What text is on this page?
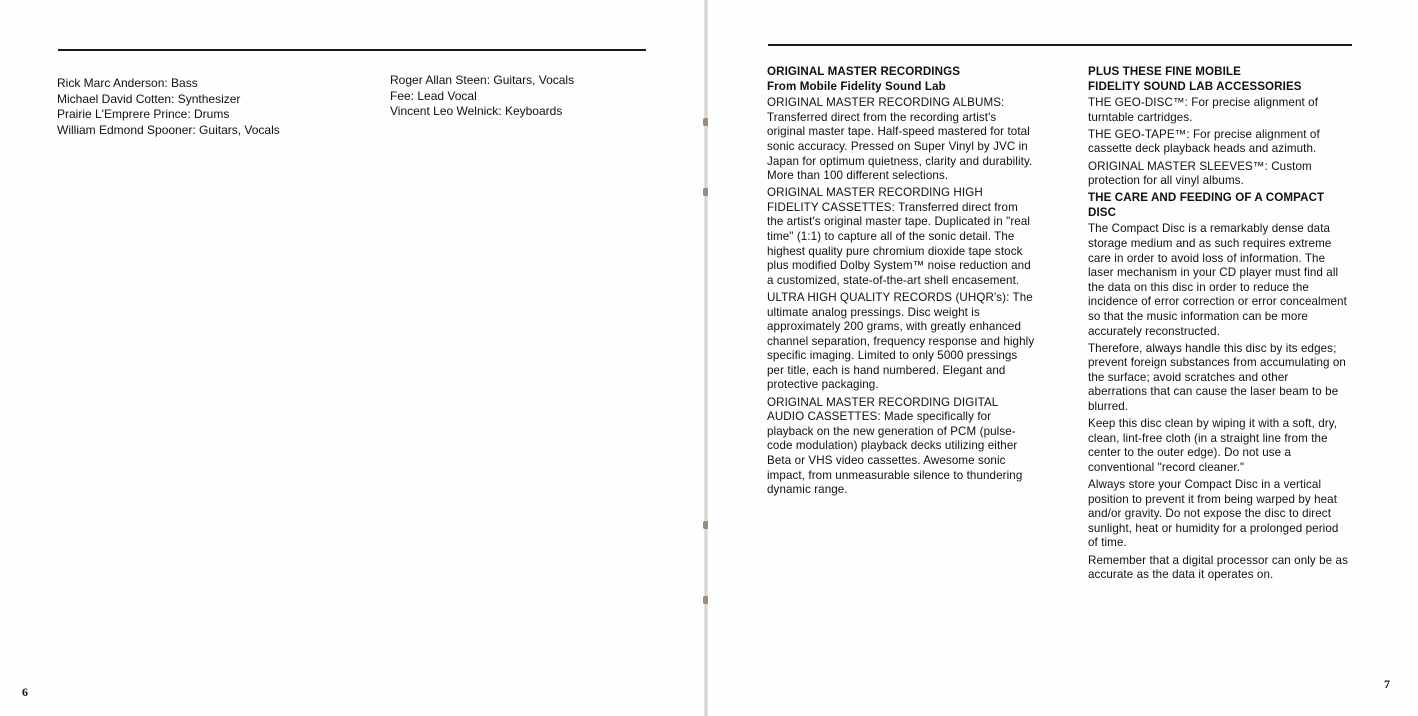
Rick Marc Anderson: Bass
Michael David Cotten: Synthesizer
Prairie L'Emprere Prince: Drums
William Edmond Spooner: Guitars, Vocals
Roger Allan Steen: Guitars, Vocals
Fee: Lead Vocal
Vincent Leo Welnick: Keyboards
6

ORIGINAL MASTER RECORDINGS

From Mobile Fidelity Sound Lab

ORIGINAL MASTER RECORDING ALBUMS: Transferred direct from the recording artist's original master tape. Half-speed mastered for total sonic accuracy. Pressed on Super Vinyl by JVC in Japan for optimum quietness, clarity and durability. More than 100 different selections.

ORIGINAL MASTER RECORDING HIGH FIDELITY CASSETTES: Transferred direct from the artist's original master tape. Duplicated in "real time" (1:1) to capture all of the sonic detail. The highest quality pure chromium dioxide tape stock plus modified Dolby System™ noise reduction and a customized, state-of-the-art shell encasement.

ULTRA HIGH QUALITY RECORDS (UHQR's): The ultimate analog pressings. Disc weight is approximately 200 grams, with greatly enhanced channel separation, frequency response and highly specific imaging. Limited to only 5000 pressings per title, each is hand numbered. Elegant and protective packaging.

ORIGINAL MASTER RECORDING DIGITAL AUDIO CASSETTES: Made specifically for playback on the new generation of PCM (pulse-code modulation) playback decks utilizing either Beta or VHS video cassettes. Awesome sonic impact, from unmeasurable silence to thundering dynamic range.

PLUS THESE FINE MOBILE

FIDELITY SOUND LAB ACCESSORIES

THE GEO-DISC™: For precise alignment of turntable cartridges.

THE GEO-TAPE™: For precise alignment of cassette deck playback heads and azimuth.

ORIGINAL MASTER SLEEVES™: Custom protection for all vinyl albums.

THE CARE AND FEEDING OF A COMPACT DISC

The Compact Disc is a remarkably dense data storage medium and as such requires extreme care in order to avoid loss of information. The laser mechanism in your CD player must find all the data on this disc in order to reduce the incidence of error correction or error concealment so that the music information can be more accurately reconstructed.

Therefore, always handle this disc by its edges; prevent foreign substances from accumulating on the surface; avoid scratches and other aberrations that can cause the laser beam to be blurred.

Keep this disc clean by wiping it with a soft, dry, clean, lint-free cloth (in a straight line from the center to the outer edge). Do not use a conventional "record cleaner."

Always store your Compact Disc in a vertical position to prevent it from being warped by heat and/or gravity. Do not expose the disc to direct sunlight, heat or humidity for a prolonged period of time.

Remember that a digital processor can only be as accurate as the data it operates on.

7
